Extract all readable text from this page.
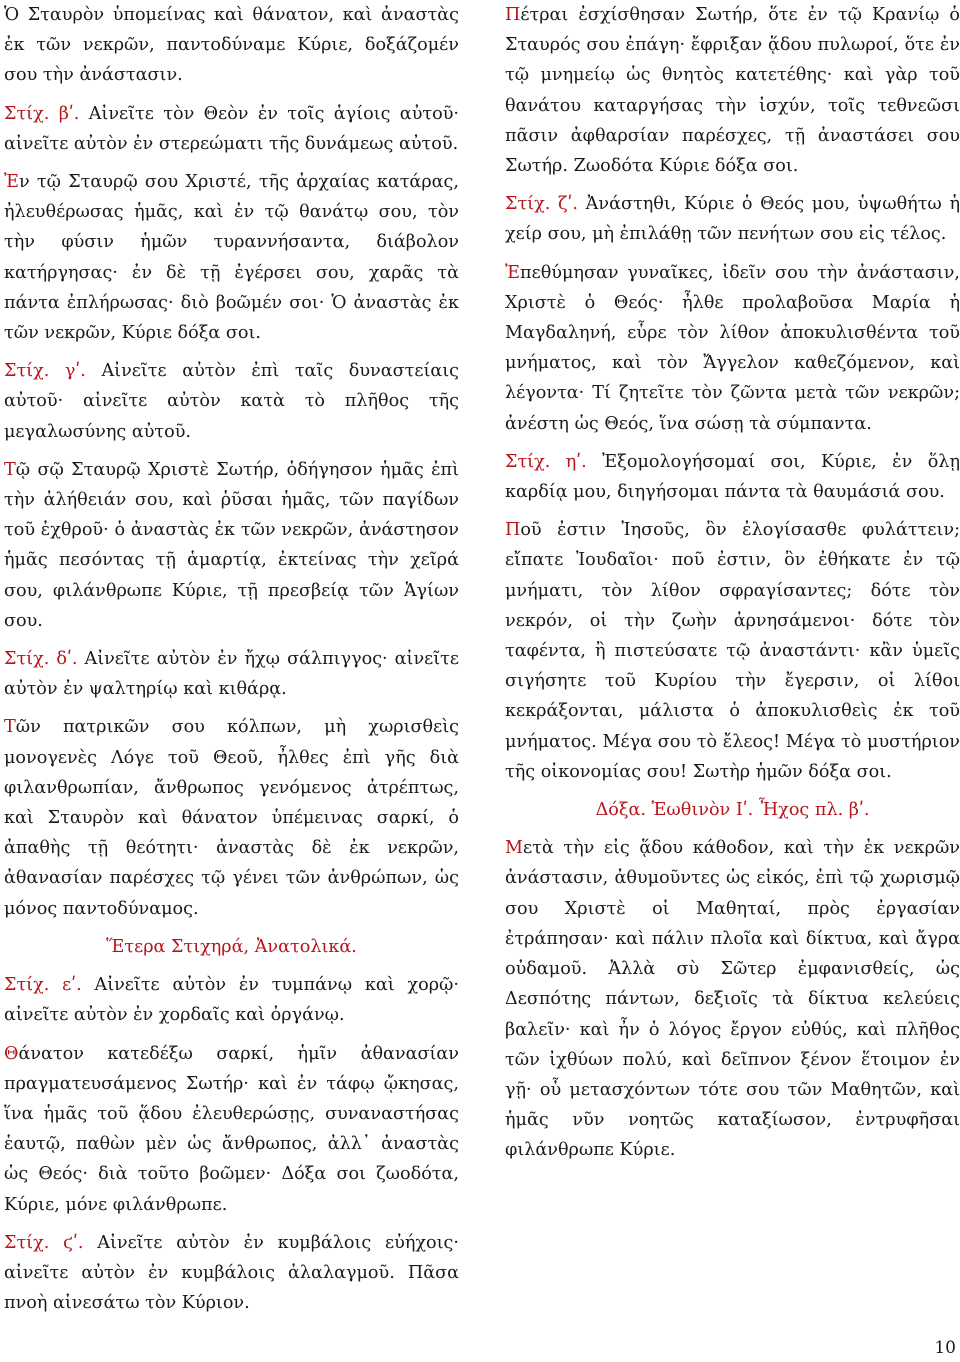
Ὁ Σταυρὸν ὑπομείνας καὶ θάνατον, καὶ ἀναστὰς ἐκ τῶν νεκρῶν, παντοδύναμε Κύριε, δοξάζομέν σου τὴν ἀνάστασιν.

Στίχ. βʹ. Αἰνεῖτε τὸν Θεὸν ἐν τοῖς ἁγίοις αὐτοῦ· αἰνεῖτε αὐτὸν ἐν στερεώματι τῆς δυνάμεως αὐτοῦ.

Ἐν τῷ Σταυρῷ σου Χριστέ, τῆς ἀρχαίας κατάρας, ἠλευθέρωσας ἡμᾶς, καὶ ἐν τῷ θανάτῳ σου, τὸν τὴν φύσιν ἡμῶν τυραννήσαντα, διάβολον κατήργησας· ἐν δὲ τῇ ἐγέρσει σου, χαρᾶς τὰ πάντα ἐπλήρωσας· διὸ βοῶμέν σοι· Ὁ ἀναστὰς ἐκ τῶν νεκρῶν, Κύριε δόξα σοι.

Στίχ. γʹ. Αἰνεῖτε αὐτὸν ἐπὶ ταῖς δυναστείαις αὐτοῦ· αἰνεῖτε αὐτὸν κατὰ τὸ πλῆθος τῆς μεγαλωσύνης αὐτοῦ.

Τῷ σῷ Σταυρῷ Χριστὲ Σωτήρ, ὁδήγησον ἡμᾶς ἐπὶ τὴν ἀλήθειάν σου, καὶ ῥῦσαι ἡμᾶς, τῶν παγίδων τοῦ ἐχθροῦ· ὁ ἀναστὰς ἐκ τῶν νεκρῶν, ἀνάστησον ἡμᾶς πεσόντας τῇ ἁμαρτίᾳ, ἐκτείνας τὴν χεῖρά σου, φιλάνθρωπε Κύριε, τῇ πρεσβείᾳ τῶν Ἁγίων σου.

Στίχ. δʹ. Αἰνεῖτε αὐτὸν ἐν ἤχῳ σάλπιγγος· αἰνεῖτε αὐτὸν ἐν ψαλτηρίῳ καὶ κιθάρᾳ.

Τῶν πατρικῶν σου κόλπων, μὴ χωρισθεὶς μονογενὲς Λόγε τοῦ Θεοῦ, ἦλθες ἐπὶ γῆς διὰ φιλανθρωπίαν, ἄνθρωπος γενόμενος ἀτρέπτως, καὶ Σταυρὸν καὶ θάνατον ὑπέμεινας σαρκί, ὁ ἀπαθὴς τῇ θεότητι· ἀναστὰς δὲ ἐκ νεκρῶν, ἀθανασίαν παρέσχες τῷ γένει τῶν ἀνθρώπων, ὡς μόνος παντοδύναμος.

Ἕτερα Στιχηρά, Ἀνατολικά.

Στίχ. εʹ. Αἰνεῖτε αὐτὸν ἐν τυμπάνῳ καὶ χορῷ· αἰνεῖτε αὐτὸν ἐν χορδαῖς καὶ ὀργάνῳ.

Θάνατον κατεδέξω σαρκί, ἡμῖν ἀθανασίαν πραγματευσάμενος Σωτήρ· καὶ ἐν τάφῳ ᾤκησας, ἵνα ἡμᾶς τοῦ ᾅδου ἐλευθερώσῃς, συναναστήσας ἑαυτῷ, παθὼν μὲν ὡς ἄνθρωπος, ἀλλ᾿ ἀναστὰς ὡς Θεός· διὰ τοῦτο βοῶμεν· Δόξα σοι ζωοδότα, Κύριε, μόνε φιλάνθρωπε.

Στίχ. ϛʹ. Αἰνεῖτε αὐτὸν ἐν κυμβάλοις εὐήχοις· αἰνεῖτε αὐτὸν ἐν κυμβάλοις ἀλαλαγμοῦ. Πᾶσα πνοὴ αἰνεσάτω τὸν Κύριον.

Πέτραι ἐσχίσθησαν Σωτήρ, ὅτε ἐν τῷ Κρανίῳ ὁ Σταυρός σου ἐπάγη· ἔφριξαν ᾅδου πυλωροί, ὅτε ἐν τῷ μνημείῳ ὡς θνητὸς κατετέθης· καὶ γὰρ τοῦ θανάτου καταργήσας τὴν ἰσχύν, τοῖς τεθνεῶσι πᾶσιν ἀφθαρσίαν παρέσχες, τῇ ἀναστάσει σου Σωτήρ. Ζωοδότα Κύριε δόξα σοι.

Στίχ. ζʹ. Ἀνάστηθι, Κύριε ὁ Θεός μου, ὑψωθήτω ἡ χείρ σου, μὴ ἐπιλάθῃ τῶν πενήτων σου εἰς τέλος.

Ἐπεθύμησαν γυναῖκες, ἰδεῖν σου τὴν ἀνάστασιν, Χριστὲ ὁ Θεός· ἦλθε προλαβοῦσα Μαρία ἡ Μαγδαληνή, εὗρε τὸν λίθον ἀποκυλισθέντα τοῦ μνήματος, καὶ τὸν Ἄγγελον καθεζόμενον, καὶ λέγοντα· Τί ζητεῖτε τὸν ζῶντα μετὰ τῶν νεκρῶν; ἀνέστη ὡς Θεός, ἵνα σώσῃ τὰ σύμπαντα.

Στίχ. ηʹ. Ἐξομολογήσομαί σοι, Κύριε, ἐν ὅλῃ καρδίᾳ μου, διηγήσομαι πάντα τὰ θαυμάσιά σου.

Ποῦ ἐστιν Ἰησοῦς, ὃν ἐλογίσασθε φυλάττειν; εἴπατε Ἰουδαῖοι· ποῦ ἐστιν, ὃν ἐθήκατε ἐν τῷ μνήματι, τὸν λίθον σφραγίσαντες; δότε τὸν νεκρόν, οἱ τὴν ζωὴν ἀρνησάμενοι· δότε τὸν ταφέντα, ἢ πιστεύσατε τῷ ἀναστάντι· κἂν ὑμεῖς σιγήσητε τοῦ Κυρίου τὴν ἔγερσιν, οἱ λίθοι κεκράξονται, μάλιστα ὁ ἀποκυλισθεὶς ἐκ τοῦ μνήματος. Μέγα σου τὸ ἔλεος! Μέγα τὸ μυστήριον τῆς οἰκονομίας σου! Σωτὴρ ἡμῶν δόξα σοι.

Δόξα. Ἑωθινὸν Ιʹ. Ἦχος πλ. βʹ.

Μετὰ τὴν εἰς ᾅδου κάθοδον, καὶ τὴν ἐκ νεκρῶν ἀνάστασιν, ἀθυμοῦντες ὡς εἰκός, ἐπὶ τῷ χωρισμῷ σου Χριστὲ οἱ Μαθηταί, πρὸς ἐργασίαν ἐτράπησαν· καὶ πάλιν πλοῖα καὶ δίκτυα, καὶ ἄγρα οὐδαμοῦ. Ἀλλὰ σὺ Σῶτερ ἐμφανισθείς, ὡς Δεσπότης πάντων, δεξιοῖς τὰ δίκτυα κελεύεις βαλεῖν· καὶ ἦν ὁ λόγος ἔργον εὐθύς, καὶ πλῆθος τῶν ἰχθύων πολύ, καὶ δεῖπνον ξένον ἕτοιμον ἐν γῇ· οὗ μετασχόντων τότε σου τῶν Μαθητῶν, καὶ ἡμᾶς νῦν νοητῶς καταξίωσον, ἐντρυφῆσαι φιλάνθρωπε Κύριε.

10
